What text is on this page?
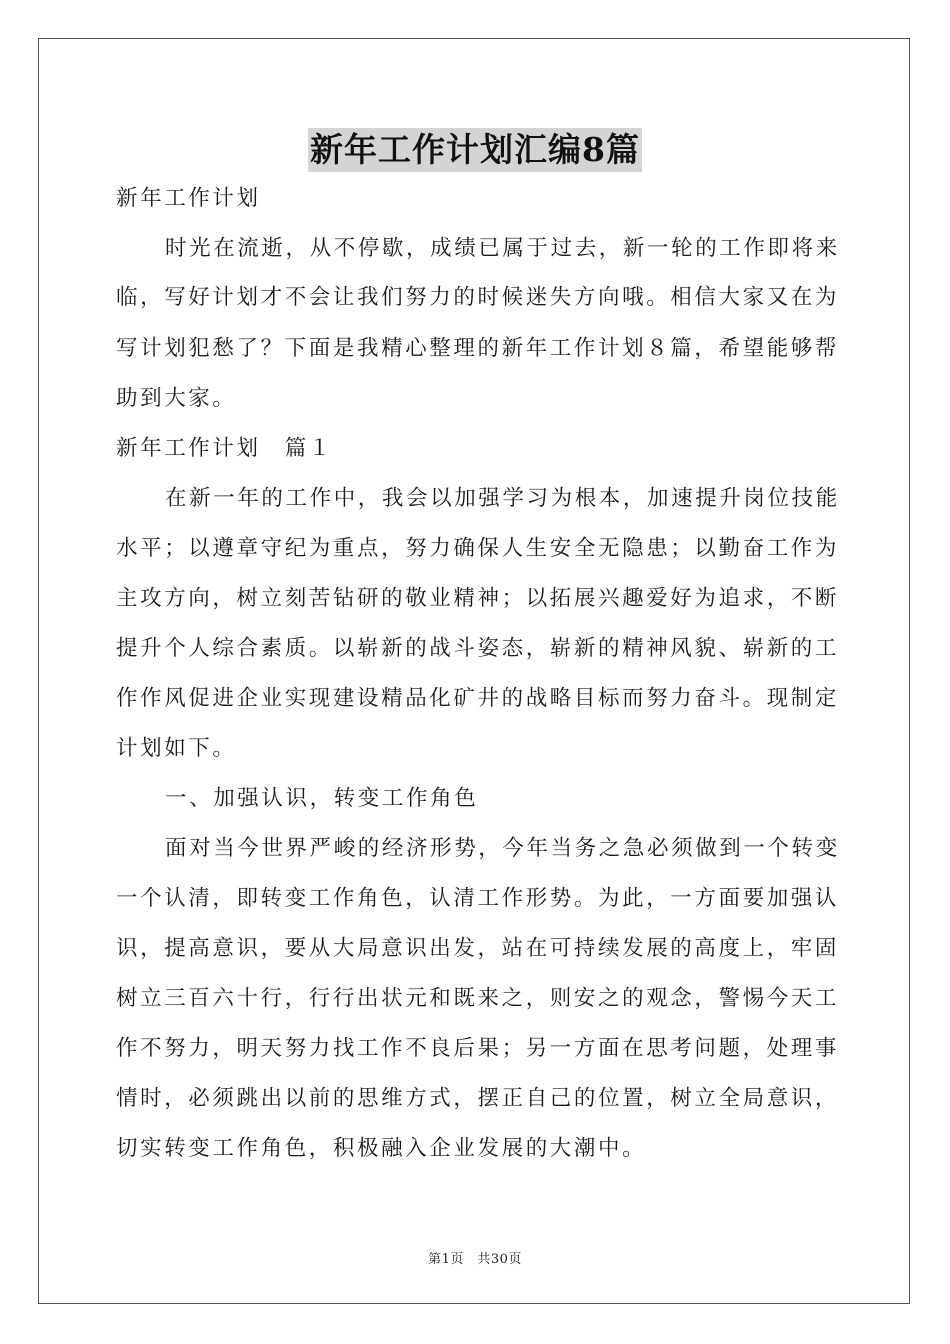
新年工作计划汇编8篇
新年工作计划
时光在流逝，从不停歇，成绩已属于过去，新一轮的工作即将来
临，写好计划才不会让我们努力的时候迷失方向哦。相信大家又在为
写计划犯愁了？下面是我精心整理的新年工作计划８篇，希望能够帮
助到大家。
新年工作计划　篇１
在新一年的工作中，我会以加强学习为根本，加速提升岗位技能
水平；以遵章守纪为重点，努力确保人生安全无隐患；以勤奋工作为
主攻方向，树立刻苦钻研的敬业精神；以拓展兴趣爱好为追求，不断
提升个人综合素质。以崭新的战斗姿态，崭新的精神风貌、崭新的工
作作风促进企业实现建设精品化矿井的战略目标而努力奋斗。现制定
计划如下。
一、加强认识，转变工作角色
面对当今世界严峻的经济形势，今年当务之急必须做到一个转变
一个认清，即转变工作角色，认清工作形势。为此，一方面要加强认
识，提高意识，要从大局意识出发，站在可持续发展的高度上，牢固
树立三百六十行，行行出状元和既来之，则安之的观念，警惕今天工
作不努力，明天努力找工作不良后果；另一方面在思考问题，处理事
情时，必须跳出以前的思维方式，摆正自己的位置，树立全局意识，
切实转变工作角色，积极融入企业发展的大潮中。
第1页　共30页
